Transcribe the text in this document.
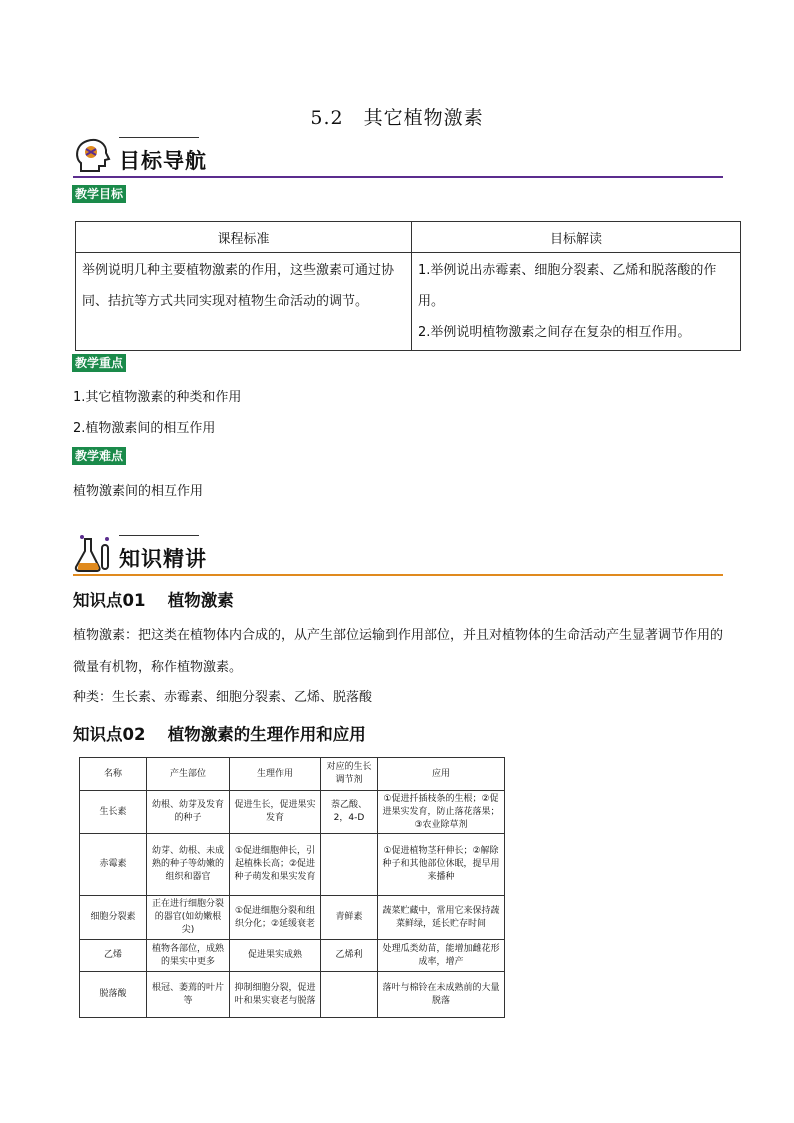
5.2　其它植物激素
目标导航
教学目标
课程标准	目标解读
举例说明几种主要植物激素的作用，这些激素可通过协同、拮抗等方式共同实现对植物生命活动的调节。	1.举例说出赤霉素、细胞分裂素、乙烯和脱落酸的作用。
2.举例说明植物激素之间存在复杂的相互作用。
教学重点
1.其它植物激素的种类和作用
2.植物激素间的相互作用
教学难点
植物激素间的相互作用
知识精讲
知识点01　 植物激素
植物激素：把这类在植物体内合成的，从产生部位运输到作用部位，并且对植物体的生命活动产生显著调节作用的微量有机物，称作植物激素。
种类：生长素、赤霉素、细胞分裂素、乙烯、脱落酸
知识点02　 植物激素的生理作用和应用
名称	产生部位	生理作用	对应的生长调节剂	应用
生长素	幼根、幼芽及发育的种子	促进生长，促进果实发育	萘乙酸、2，4-D	①促进扦插枝条的生根；②促进果实发育，防止落花落果；③农业除草剂
赤霉素	幼芽、幼根、未成熟的种子等幼嫩的组织和器官	①促进细胞伸长，引起植株长高；②促进种子萌发和果实发育		①促进植物茎秆伸长；②解除种子和其他部位休眠，提早用来播种
细胞分裂素	正在进行细胞分裂的器官(如幼嫩根尖)	①促进细胞分裂和组织分化；②延缓衰老	青鲜素	蔬菜贮藏中，常用它来保持蔬菜鲜绿，延长贮存时间
乙烯	植物各部位，成熟的果实中更多	促进果实成熟	乙烯利	处理瓜类幼苗，能增加雌花形成率，增产
脱落酸	根冠、萎蔫的叶片等	抑制细胞分裂，促进叶和果实衰老与脱落		落叶与棉铃在未成熟前的大量脱落
